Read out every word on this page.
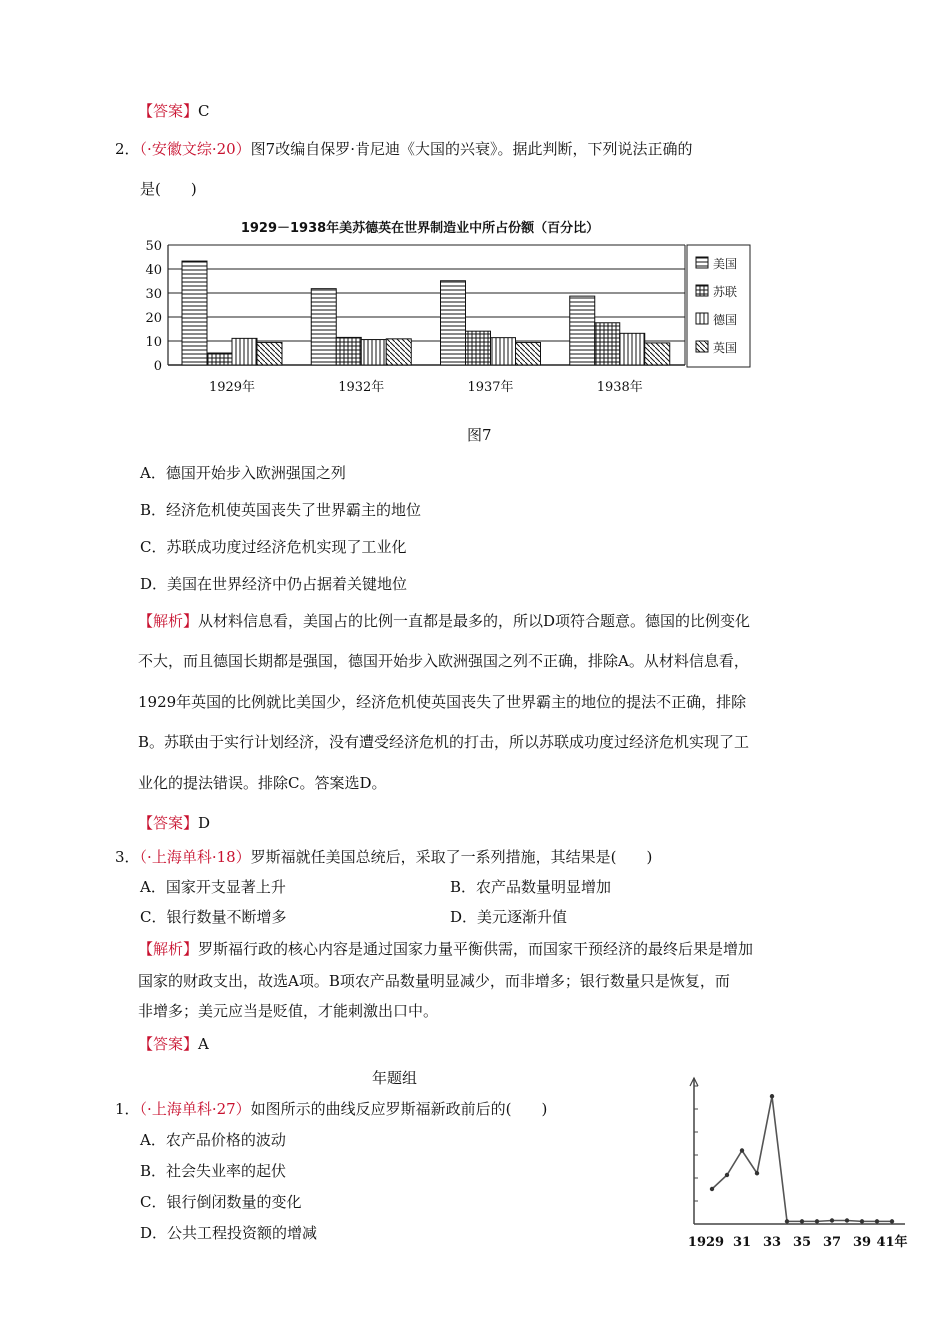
【答案】C
2．（·安徽文综·20）图7改编自保罗·肯尼迪《大国的兴衰》。据此判断，下列说法正确的
是(　　)
1929－1938年美苏德英在世界制造业中所占份额（百分比）
0
10
20
30
40
50
1929年	1932年	1937年	1938年
美国
苏联
德国
英国
图7
A．德国开始步入欧洲强国之列
B．经济危机使英国丧失了世界霸主的地位
C．苏联成功度过经济危机实现了工业化
D．美国在世界经济中仍占据着关键地位
【解析】从材料信息看，美国占的比例一直都是最多的，所以D项符合题意。德国的比例变化
不大，而且德国长期都是强国，德国开始步入欧洲强国之列不正确，排除A。从材料信息看，
1929年英国的比例就比美国少，经济危机使英国丧失了世界霸主的地位的提法不正确，排除
B。苏联由于实行计划经济，没有遭受经济危机的打击，所以苏联成功度过经济危机实现了工
业化的提法错误。排除C。答案选D。
【答案】D
3．（·上海单科·18）罗斯福就任美国总统后，采取了一系列措施，其结果是(　　)
A．国家开支显著上升	B．农产品数量明显增加
C．银行数量不断增多	D．美元逐渐升值
【解析】罗斯福行政的核心内容是通过国家力量平衡供需，而国家干预经济的最终后果是增加
国家的财政支出，故选A项。B项农产品数量明显减少，而非增多；银行数量只是恢复，而
非增多；美元应当是贬值，才能刺激出口中。
【答案】A
年题组
1．（·上海单科·27）如图所示的曲线反应罗斯福新政前后的(　　)
A．农产品价格的波动
B．社会失业率的起伏
C．银行倒闭数量的变化
D．公共工程投资额的增减
1929 31 33 35 37 39 41年
